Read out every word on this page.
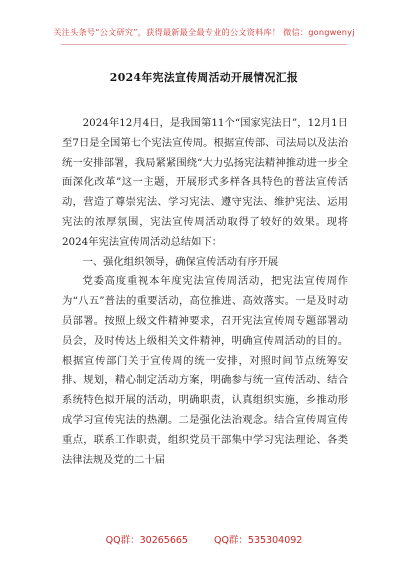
关注头条号“公文研究”，获得最新最全最专业的公文资料库！ 微信：gongwenyj
2024年宪法宣传周活动开展情况汇报

2024年12月4日，是我国第11个“国家宪法日”，12月1日至7日是全国第七个宪法宣传周。根据宣传部、司法局以及法治统一安排部署，我局紧紧围绕“大力弘扬宪法精神推动进一步全面深化改革”这一主题，开展形式多样各具特色的普法宣传活动，营造了尊崇宪法、学习宪法、遵守宪法、维护宪法、运用宪法的浓厚氛围，宪法宣传周活动取得了较好的效果。现将2024年宪法宣传周活动总结如下：

一、强化组织领导，确保宣传活动有序开展

党委高度重视本年度宪法宣传周活动，把宪法宣传周作为“八五”普法的重要活动，高位推进、高效落实。一是及时动员部署。按照上级文件精神要求，召开宪法宣传周专题部署动员会，及时传达上级相关文件精神，明确宣传周活动的目的。根据宣传部门关于宣传周的统一安排，对照时间节点统筹安排、规划，精心制定活动方案，明确参与统一宣传活动、结合系统特色拟开展的活动，明确职责，认真组织实施，乡推动形成学习宣传宪法的热潮。二是强化法治观念。结合宣传周宣传重点，联系工作职责，组织党员干部集中学习宪法理论、各类法律法规及党的二十届

QQ群：30265665	QQ群：535304092
